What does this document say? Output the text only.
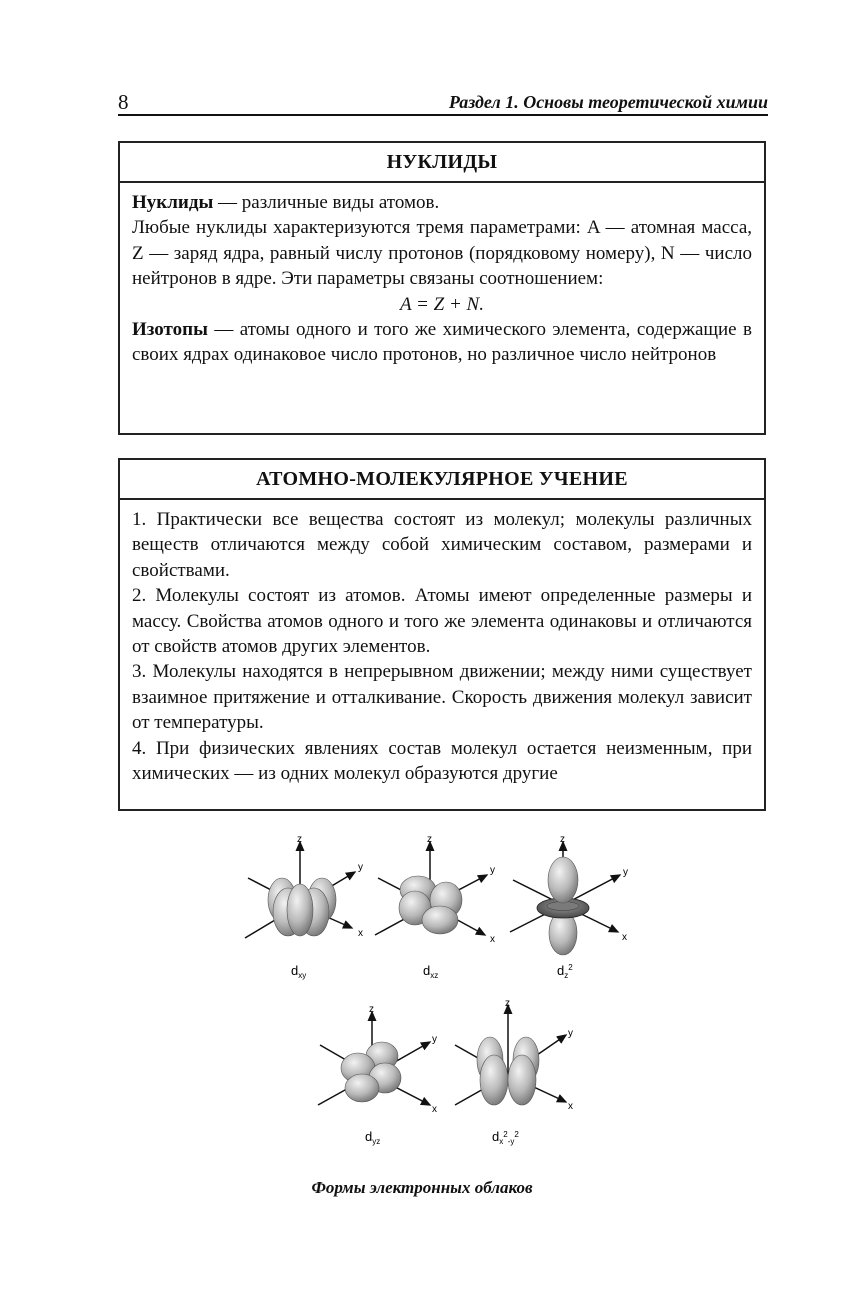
8	Раздел 1. Основы теоретической химии
НУКЛИДЫ

Нуклиды — различные виды атомов.

Любые нуклиды характеризуются тремя параметрами: A — атомная масса, Z — заряд ядра, равный числу протонов (порядковому номеру), N — число нейтронов в ядре. Эти параметры связаны соотношением:

A = Z + N.

Изотопы — атомы одного и того же химического элемента, содержащие в своих ядрах одинаковое число протонов, но различное число нейтронов

АТОМНО-МОЛЕКУЛЯРНОЕ УЧЕНИЕ

1. Практически все вещества состоят из молекул; молекулы различных веществ отличаются между собой химическим составом, размерами и свойствами.

2. Молекулы состоят из атомов. Атомы имеют определенные размеры и массу. Свойства атомов одного и того же элемента одинаковы и отличаются от свойств атомов других элементов.

3. Молекулы находятся в непрерывном движении; между ними существует взаимное притяжение и отталкивание. Скорость движения молекул зависит от температуры.

4. При физических явлениях состав молекул остается неизменным, при химических — из одних молекул образуются другие

z
y
x
$d_{xy}$
z
y
x
$d_{xz}$
z
y
x
$d_z^2$
z
y
x
$d_{yz}$
z
y
x
$d_x^2_{-y}^2$
Формы электронных облаков
